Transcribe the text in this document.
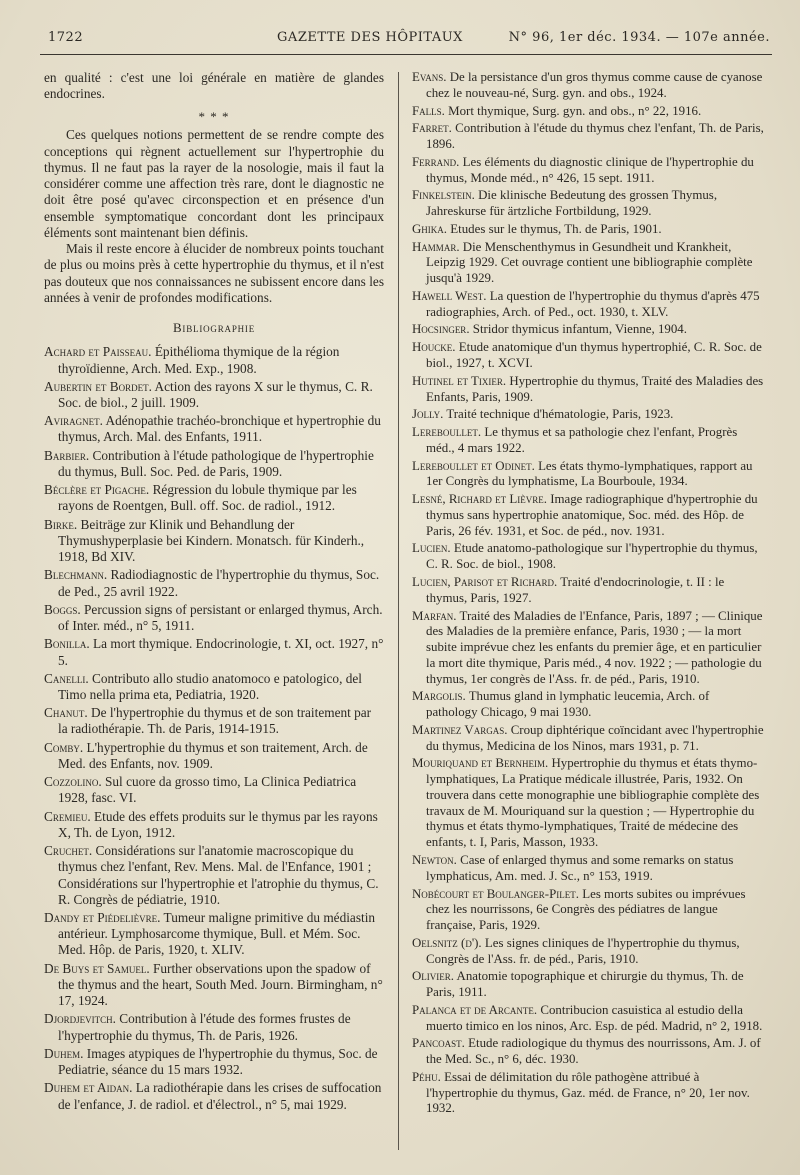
1722	GAZETTE DES HÔPITAUX	N° 96, 1er déc. 1934. — 107e année.

en qualité : c'est une loi générale en matière de glandes endocrines.

* * *

Ces quelques notions permettent de se rendre compte des conceptions qui règnent actuellement sur l'hypertrophie du thymus. Il ne faut pas la rayer de la nosologie, mais il faut la considérer comme une affection très rare, dont le diagnostic ne doit être posé qu'avec circonspection et en présence d'un ensemble symptomatique concordant dont les principaux éléments sont maintenant bien définis.

Mais il reste encore à élucider de nombreux points touchant de plus ou moins près à cette hypertrophie du thymus, et il n'est pas douteux que nos connaissances ne subissent encore dans les années à venir de profondes modifications.

Bibliographie

Achard et Paisseau. Épithélioma thymique de la région thyroïdienne, Arch. Med. Exp., 1908.

Aubertin et Bordet. Action des rayons X sur le thymus, C. R. Soc. de biol., 2 juill. 1909.

Aviragnet. Adénopathie trachéo-bronchique et hypertrophie du thymus, Arch. Mal. des Enfants, 1911.

Barbier. Contribution à l'étude pathologique de l'hypertrophie du thymus, Bull. Soc. Ped. de Paris, 1909.

Béclère et Pigache. Régression du lobule thymique par les rayons de Roentgen, Bull. off. Soc. de radiol., 1912.

Birke. Beiträge zur Klinik und Behandlung der Thymushyperplasie bei Kindern. Monatsch. für Kinderh., 1918, Bd XIV.

Blechmann. Radiodiagnostic de l'hypertrophie du thymus, Soc. de Ped., 25 avril 1922.

Boggs. Percussion signs of persistant or enlarged thymus, Arch. of Inter. méd., n° 5, 1911.

Bonilla. La mort thymique. Endocrinologie, t. XI, oct. 1927, n° 5.

Canelli. Contributo allo studio anatomoco e patologico, del Timo nella prima eta, Pediatria, 1920.

Chanut. De l'hypertrophie du thymus et de son traitement par la radiothérapie. Th. de Paris, 1914-1915.

Comby. L'hypertrophie du thymus et son traitement, Arch. de Med. des Enfants, nov. 1909.

Cozzolino. Sul cuore da grosso timo, La Clinica Pediatrica 1928, fasc. VI.

Cremieu. Etude des effets produits sur le thymus par les rayons X, Th. de Lyon, 1912.

Cruchet. Considérations sur l'anatomie macroscopique du thymus chez l'enfant, Rev. Mens. Mal. de l'Enfance, 1901 ; Considérations sur l'hypertrophie et l'atrophie du thymus, C. R. Congrès de pédiatrie, 1910.

Dandy et Piédelièvre. Tumeur maligne primitive du médiastin antérieur. Lymphosarcome thymique, Bull. et Mém. Soc. Med. Hôp. de Paris, 1920, t. XLIV.

De Buys et Samuel. Further observations upon the spadow of the thymus and the heart, South Med. Journ. Birmingham, n° 17, 1924.

Djordjevitch. Contribution à l'étude des formes frustes de l'hypertrophie du thymus, Th. de Paris, 1926.

Duhem. Images atypiques de l'hypertrophie du thymus, Soc. de Pediatrie, séance du 15 mars 1932.

Duhem et Aidan. La radiothérapie dans les crises de suffocation de l'enfance, J. de radiol. et d'électrol., n° 5, mai 1929.

Evans. De la persistance d'un gros thymus comme cause de cyanose chez le nouveau-né, Surg. gyn. and obs., 1924.

Falls. Mort thymique, Surg. gyn. and obs., n° 22, 1916.

Farret. Contribution à l'étude du thymus chez l'enfant, Th. de Paris, 1896.

Ferrand. Les éléments du diagnostic clinique de l'hypertrophie du thymus, Monde méd., n° 426, 15 sept. 1911.

Finkelstein. Die klinische Bedeutung des grossen Thymus, Jahreskurse für ärtzliche Fortbildung, 1929.

Ghika. Etudes sur le thymus, Th. de Paris, 1901.

Hammar. Die Menschenthymus in Gesundheit und Krankheit, Leipzig 1929. Cet ouvrage contient une bibliographie complète jusqu'à 1929.

Hawell West. La question de l'hypertrophie du thymus d'après 475 radiographies, Arch. of Ped., oct. 1930, t. XLV.

Hocsinger. Stridor thymicus infantum, Vienne, 1904.

Houcke. Etude anatomique d'un thymus hypertrophié, C. R. Soc. de biol., 1927, t. XCVI.

Hutinel et Tixier. Hypertrophie du thymus, Traité des Maladies des Enfants, Paris, 1909.

Jolly. Traité technique d'hématologie, Paris, 1923.

Lereboullet. Le thymus et sa pathologie chez l'enfant, Progrès méd., 4 mars 1922.

Lereboullet et Odinet. Les états thymo-lymphatiques, rapport au 1er Congrès du lymphatisme, La Bourboule, 1934.

Lesné, Richard et Lièvre. Image radiographique d'hypertrophie du thymus sans hypertrophie anatomique, Soc. méd. des Hôp. de Paris, 26 fév. 1931, et Soc. de péd., nov. 1931.

Lucien. Etude anatomo-pathologique sur l'hypertrophie du thymus, C. R. Soc. de biol., 1908.

Lucien, Parisot et Richard. Traité d'endocrinologie, t. II : le thymus, Paris, 1927.

Marfan. Traité des Maladies de l'Enfance, Paris, 1897 ; — Clinique des Maladies de la première enfance, Paris, 1930 ; — la mort subite imprévue chez les enfants du premier âge, et en particulier la mort dite thymique, Paris méd., 4 nov. 1922 ; — pathologie du thymus, 1er congrès de l'Ass. fr. de péd., Paris, 1910.

Margolis. Thumus gland in lymphatic leucemia, Arch. of pathology Chicago, 9 mai 1930.

Martinez Vargas. Croup diphtérique coïncidant avec l'hypertrophie du thymus, Medicina de los Ninos, mars 1931, p. 71.

Mouriquand et Bernheim. Hypertrophie du thymus et états thymo-lymphatiques, La Pratique médicale illustrée, Paris, 1932. On trouvera dans cette monographie une bibliographie complète des travaux de M. Mouriquand sur la question ; — Hypertrophie du thymus et états thymo-lymphatiques, Traité de médecine des enfants, t. I, Paris, Masson, 1933.

Newton. Case of enlarged thymus and some remarks on status lymphaticus, Am. med. J. Sc., n° 153, 1919.

Nobécourt et Boulanger-Pilet. Les morts subites ou imprévues chez les nourrissons, 6e Congrès des pédiatres de langue française, Paris, 1929.

Oelsnitz (d'). Les signes cliniques de l'hypertrophie du thymus, Congrès de l'Ass. fr. de péd., Paris, 1910.

Olivier. Anatomie topographique et chirurgie du thymus, Th. de Paris, 1911.

Palanca et de Arcante. Contribucion casuistica al estudio della muerto timico en los ninos, Arc. Esp. de péd. Madrid, n° 2, 1918.

Pancoast. Etude radiologique du thymus des nourrissons, Am. J. of the Med. Sc., n° 6, déc. 1930.

Péhu. Essai de délimitation du rôle pathogène attribué à l'hypertrophie du thymus, Gaz. méd. de France, n° 20, 1er nov. 1932.
